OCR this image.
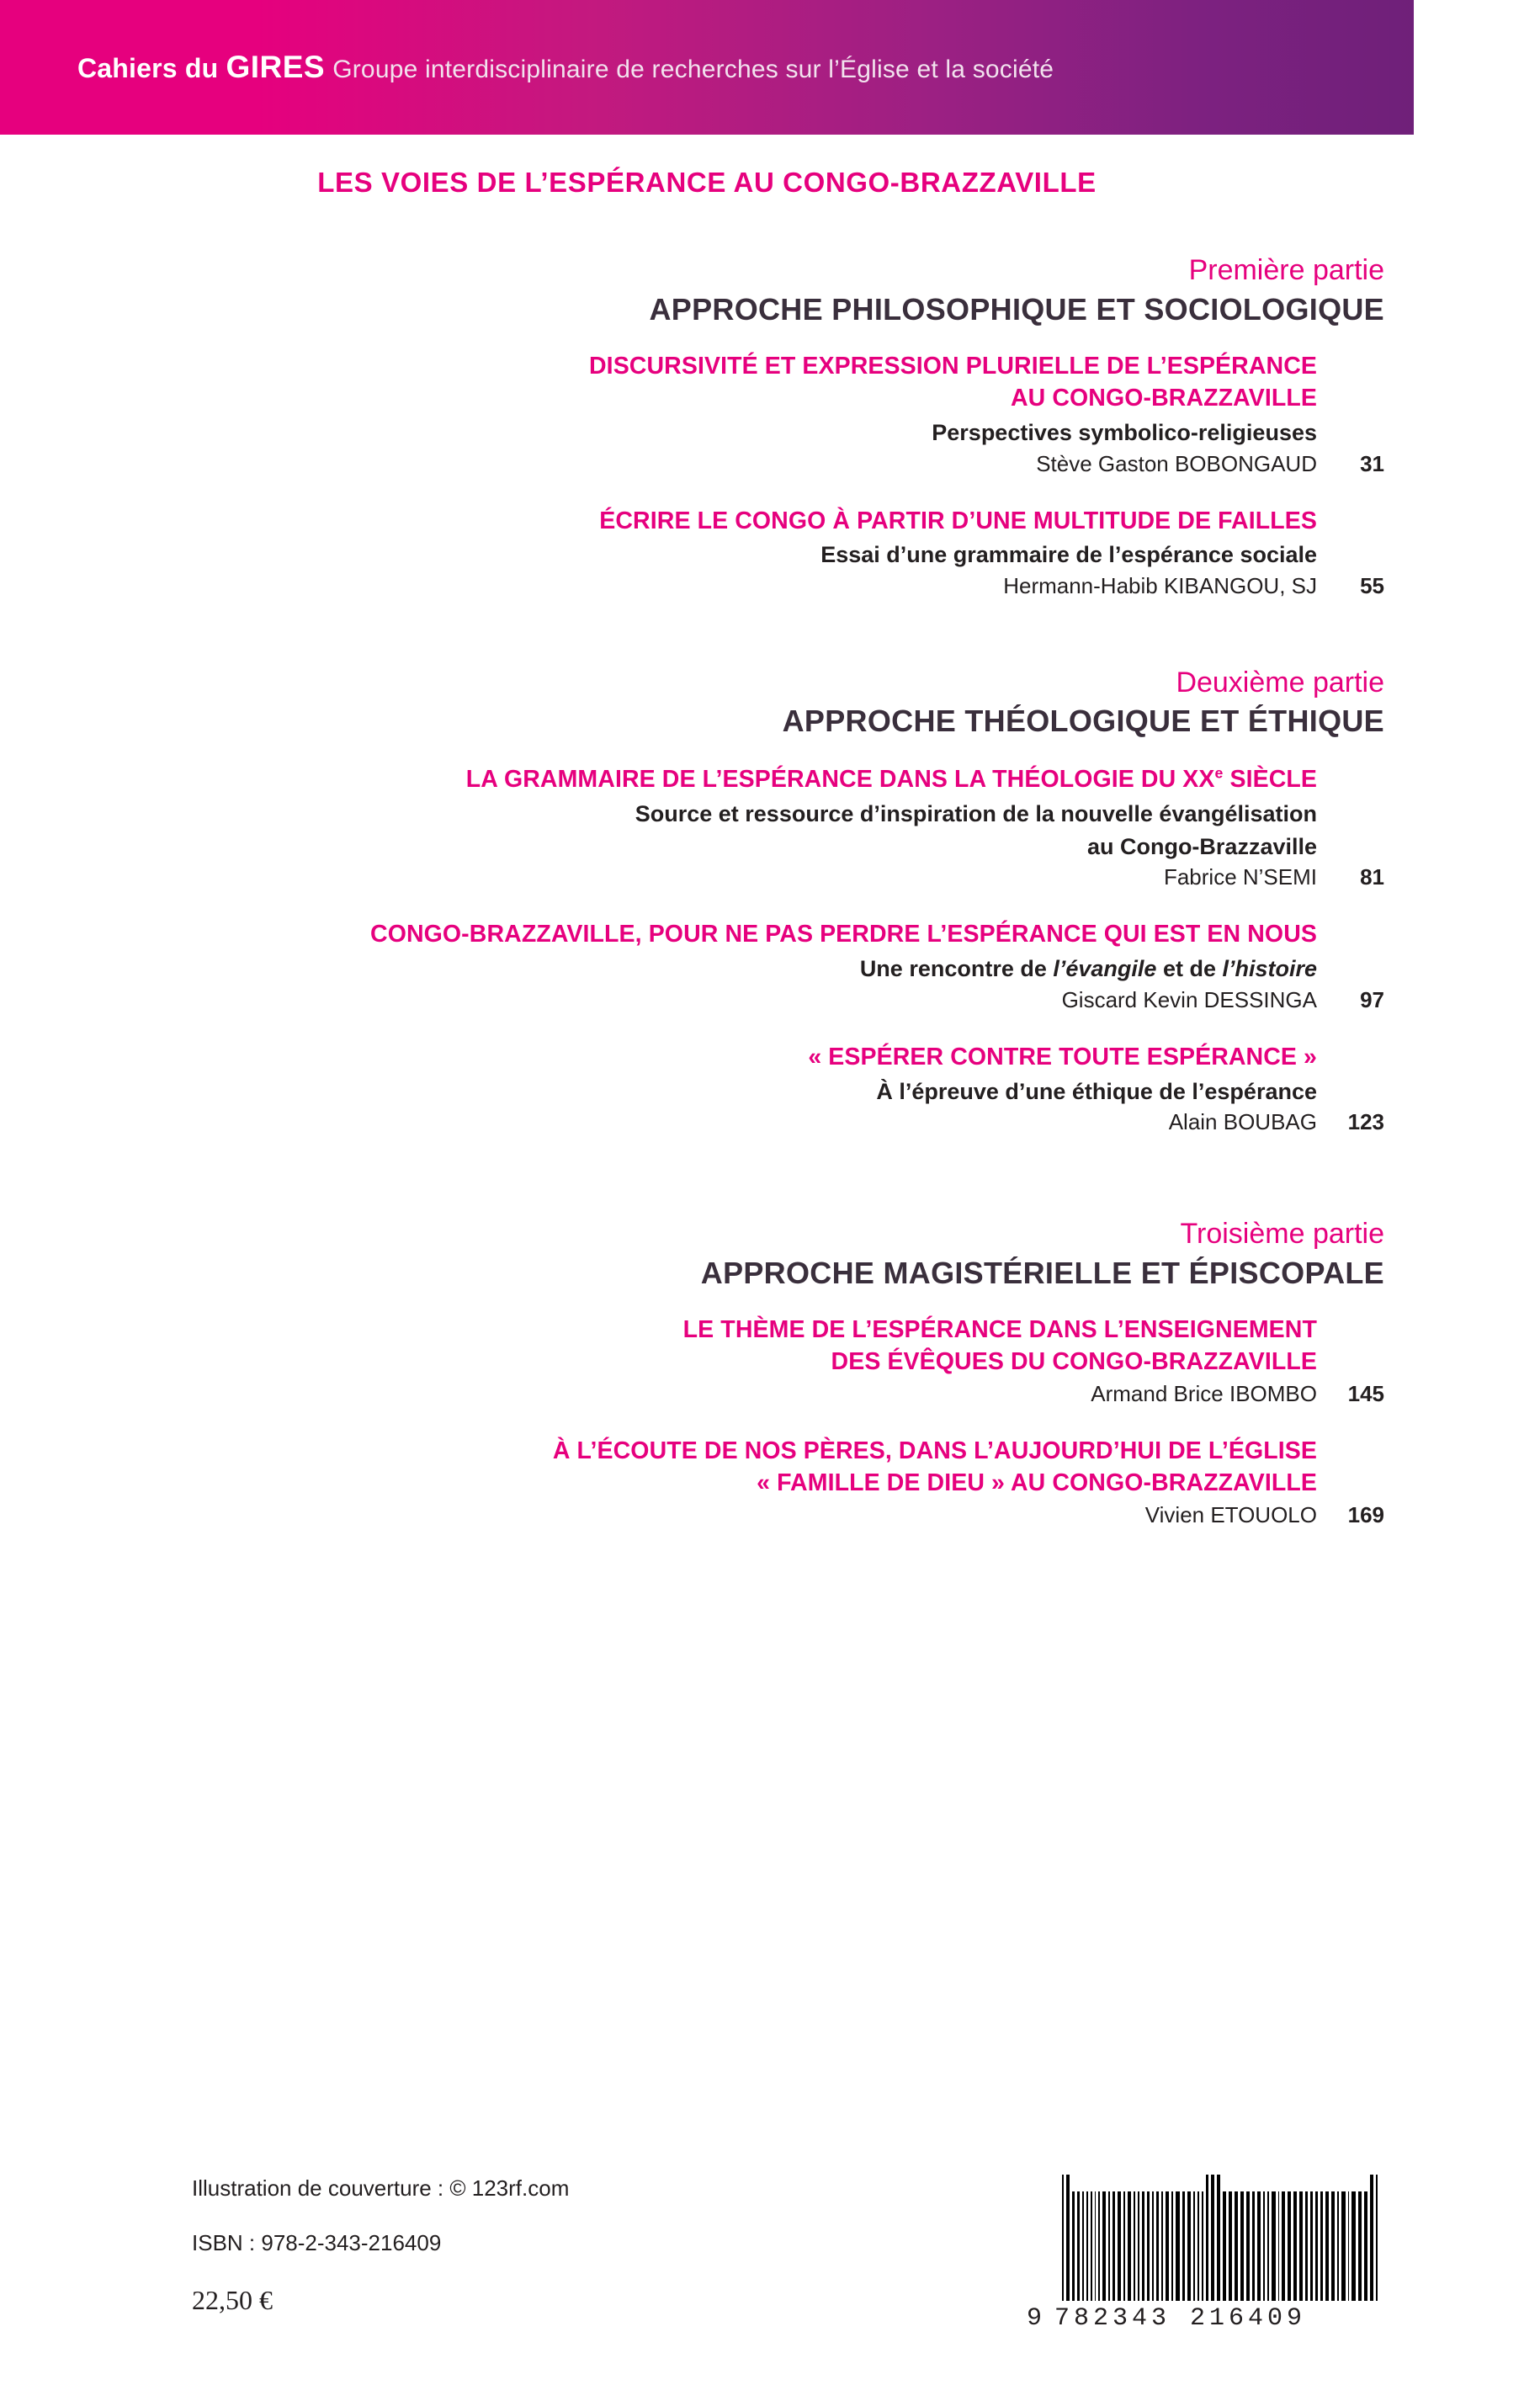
Cahiers du GIRES Groupe interdisciplinaire de recherches sur l’Église et la société
LES VOIES DE L’ESPÉRANCE AU CONGO-BRAZZAVILLE
Première partie
APPROCHE PHILOSOPHIQUE ET SOCIOLOGIQUE
DISCURSIVITÉ ET EXPRESSION PLURIELLE DE L’ESPÉRANCE
AU CONGO-BRAZZAVILLE
Perspectives symbolico-religieuses
Stève Gaston BOBONGAUD	31
ÉCRIRE LE CONGO À PARTIR D’UNE MULTITUDE DE FAILLES
Essai d’une grammaire de l’espérance sociale
Hermann-Habib KIBANGOU, SJ	55
Deuxième partie
APPROCHE THÉOLOGIQUE ET ÉTHIQUE
LA GRAMMAIRE DE L’ESPÉRANCE DANS LA THÉOLOGIE DU XXe SIÈCLE
Source et ressource d’inspiration de la nouvelle évangélisation
au Congo-Brazzaville
Fabrice N’SEMI	81
CONGO-BRAZZAVILLE, POUR NE PAS PERDRE L’ESPÉRANCE QUI EST EN NOUS
Une rencontre de l’évangile et de l’histoire
Giscard Kevin DESSINGA	97
« ESPÉRER CONTRE TOUTE ESPÉRANCE »
À l’épreuve d’une éthique de l’espérance
Alain BOUBAG	123
Troisième partie
APPROCHE MAGISTÉRIELLE ET ÉPISCOPALE
LE THÈME DE L’ESPÉRANCE DANS L’ENSEIGNEMENT
DES ÉVÊQUES DU CONGO-BRAZZAVILLE
Armand Brice IBOMBO	145
À L’ÉCOUTE DE NOS PÈRES, DANS L’AUJOURD’HUI DE L’ÉGLISE
« FAMILLE DE DIEU » AU CONGO-BRAZZAVILLE
Vivien ETOUOLO	169
Illustration de couverture : © 123rf.com
ISBN : 978-2-343-216409
22,50 €
9 782343 216409
